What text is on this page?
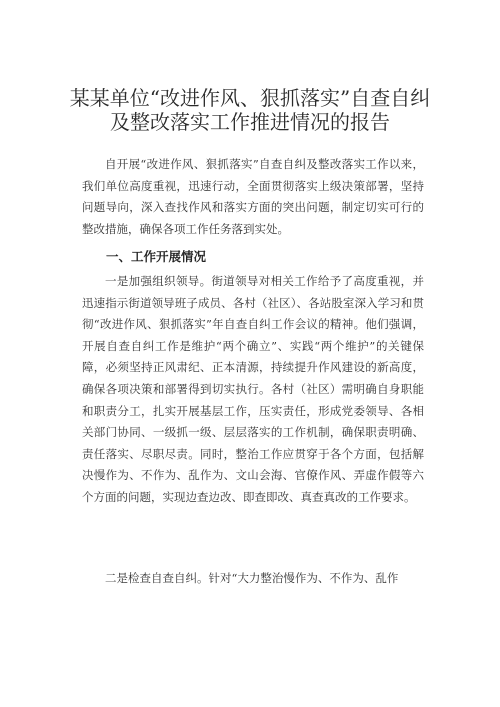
某某单位“改进作风、狠抓落实”自查自纠
及整改落实工作推进情况的报告

自开展“改进作风、狠抓落实”自查自纠及整改落实工作以来，我们单位高度重视，迅速行动，全面贯彻落实上级决策部署，坚持问题导向，深入查找作风和落实方面的突出问题，制定切实可行的整改措施，确保各项工作任务落到实处。

一、工作开展情况

一是加强组织领导。街道领导对相关工作给予了高度重视，并迅速指示街道领导班子成员、各村（社区）、各站股室深入学习和贯彻“改进作风、狠抓落实”年自查自纠工作会议的精神。他们强调，开展自查自纠工作是维护“两个确立”、实践“两个维护”的关键保障，必须坚持正风肃纪、正本清源，持续提升作风建设的新高度，确保各项决策和部署得到切实执行。各村（社区）需明确自身职能和职责分工，扎实开展基层工作，压实责任，形成党委领导、各相关部门协同、一级抓一级、层层落实的工作机制，确保职责明确、责任落实、尽职尽责。同时，整治工作应贯穿于各个方面，包括解决慢作为、不作为、乱作为、文山会海、官僚作风、弄虚作假等六个方面的问题，实现边查边改、即查即改、真查真改的工作要求。

二是检查自查自纠。针对“大力整治慢作为、不作为、乱作
